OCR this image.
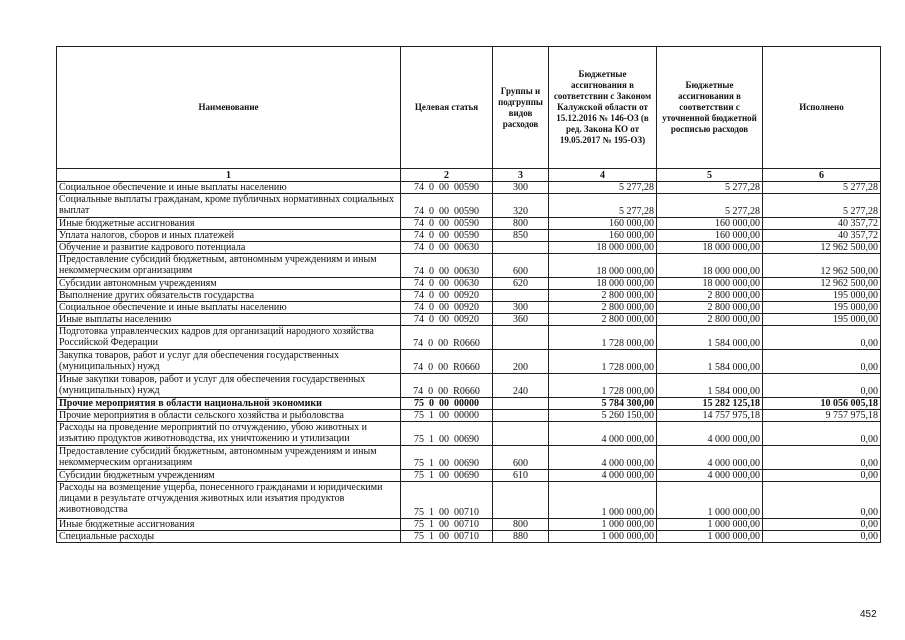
Наименование	Целевая статья	Группы и подгруппы видов расходов	Бюджетные ассигнования в соответствии с Законом Калужской области от 15.12.2016 № 146-ОЗ (в ред. Закона КО от 19.05.2017 № 195-ОЗ)	Бюджетные ассигнования в соответствии с уточненной бюджетной росписью расходов	Исполнено
1	2	3	4	5	6
Социальное обеспечение и иные выплаты населению	74  0  00  00590	300	5 277,28	5 277,28	5 277,28
Социальные выплаты гражданам, кроме публичных нормативных социальных выплат	74  0  00  00590	320	5 277,28	5 277,28	5 277,28
Иные бюджетные ассигнования	74  0  00  00590	800	160 000,00	160 000,00	40 357,72
Уплата налогов, сборов и иных платежей	74  0  00  00590	850	160 000,00	160 000,00	40 357,72
Обучение и развитие кадрового потенциала	74  0  00  00630		18 000 000,00	18 000 000,00	12 962 500,00
Предоставление субсидий бюджетным, автономным учреждениям и иным некоммерческим организациям	74  0  00  00630	600	18 000 000,00	18 000 000,00	12 962 500,00
Субсидии автономным учреждениям	74  0  00  00630	620	18 000 000,00	18 000 000,00	12 962 500,00
Выполнение других обязательств государства	74  0  00  00920		2 800 000,00	2 800 000,00	195 000,00
Социальное обеспечение и иные выплаты населению	74  0  00  00920	300	2 800 000,00	2 800 000,00	195 000,00
Иные выплаты населению	74  0  00  00920	360	2 800 000,00	2 800 000,00	195 000,00
Подготовка управленческих кадров для организаций народного хозяйства Российской Федерации	74  0  00  R0660		1 728 000,00	1 584 000,00	0,00
Закупка товаров, работ и услуг для обеспечения государственных (муниципальных) нужд	74  0  00  R0660	200	1 728 000,00	1 584 000,00	0,00
Иные закупки товаров, работ и услуг для обеспечения государственных (муниципальных) нужд	74  0  00  R0660	240	1 728 000,00	1 584 000,00	0,00
Прочие мероприятия в области национальной экономики	75  0  00  00000		5 784 300,00	15 282 125,18	10 056 005,18
Прочие мероприятия в области сельского хозяйства и рыболовства	75  1  00  00000		5 260 150,00	14 757 975,18	9 757 975,18
Расходы на проведение мероприятий по отчуждению, убою животных и изъятию продуктов животноводства, их уничтожению и утилизации	75  1  00  00690		4 000 000,00	4 000 000,00	0,00
Предоставление субсидий бюджетным, автономным учреждениям и иным некоммерческим организациям	75  1  00  00690	600	4 000 000,00	4 000 000,00	0,00
Субсидии бюджетным учреждениям	75  1  00  00690	610	4 000 000,00	4 000 000,00	0,00
Расходы на возмещение ущерба, понесенного гражданами и юридическими лицами в результате отчуждения животных или изъятия продуктов животноводства	75  1  00  00710		1 000 000,00	1 000 000,00	0,00
Иные бюджетные ассигнования	75  1  00  00710	800	1 000 000,00	1 000 000,00	0,00
Специальные расходы	75  1  00  00710	880	1 000 000,00	1 000 000,00	0,00
452
